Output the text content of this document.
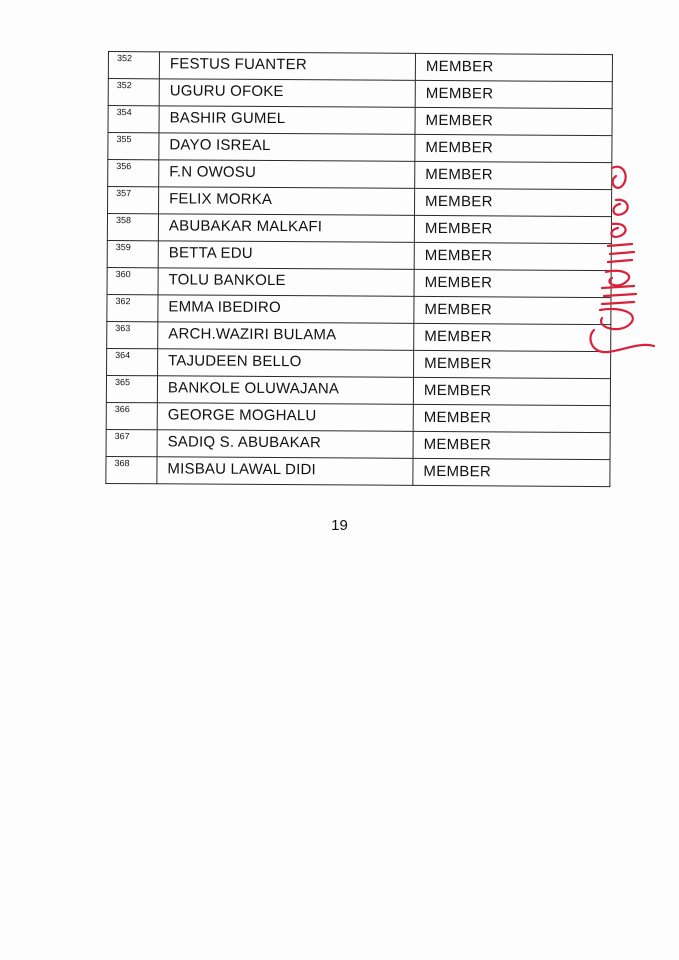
352	FESTUS FUANTER	MEMBER
352	UGURU OFOKE	MEMBER
354	BASHIR GUMEL	MEMBER
355	DAYO ISREAL	MEMBER
356	F.N OWOSU	MEMBER
357	FELIX MORKA	MEMBER
358	ABUBAKAR MALKAFI	MEMBER
359	BETTA EDU	MEMBER
360	TOLU BANKOLE	MEMBER
362	EMMA IBEDIRO	MEMBER
363	ARCH.WAZIRI BULAMA	MEMBER
364	TAJUDEEN BELLO	MEMBER
365	BANKOLE OLUWAJANA	MEMBER
366	GEORGE MOGHALU	MEMBER
367	SADIQ S. ABUBAKAR	MEMBER
368	MISBAU LAWAL DIDI	MEMBER
19
